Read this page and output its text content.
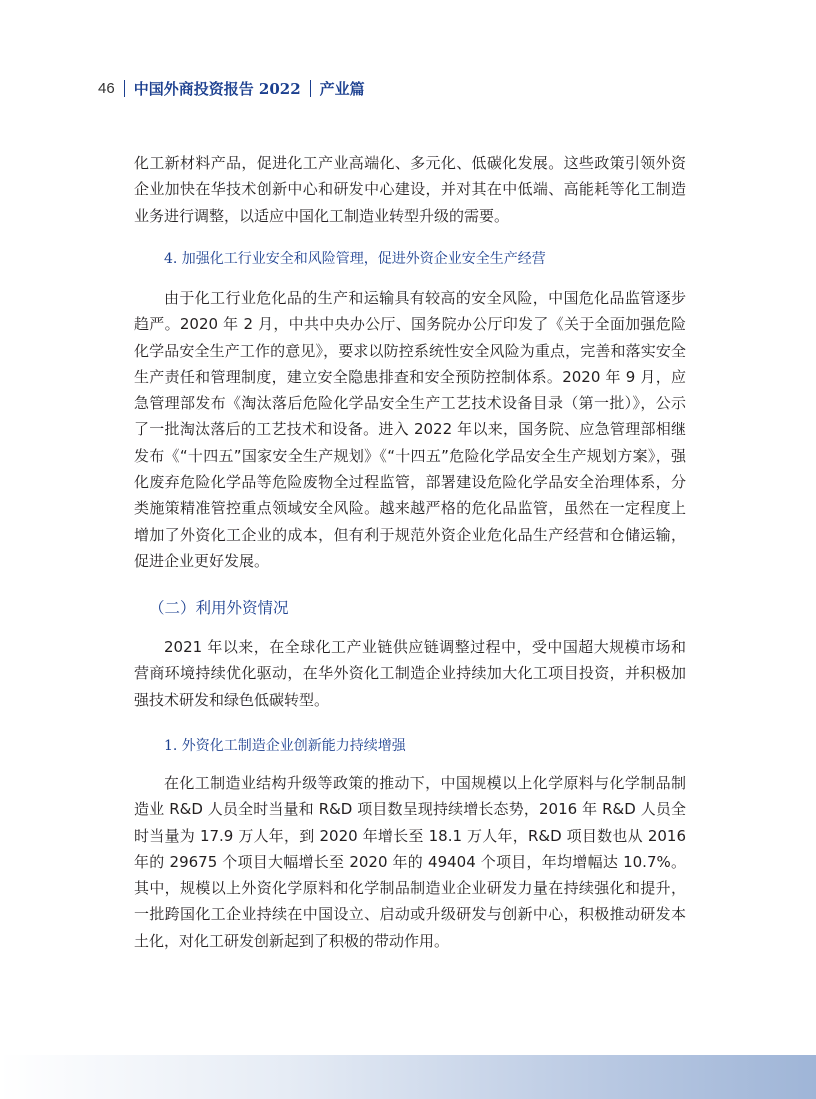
46 中国外商投资报告 2022 产业篇

化工新材料产品，促进化工产业高端化、多元化、低碳化发展。这些政策引领外资企业加快在华技术创新中心和研发中心建设，并对其在中低端、高能耗等化工制造业务进行调整，以适应中国化工制造业转型升级的需要。

4. 加强化工行业安全和风险管理，促进外资企业安全生产经营

由于化工行业危化品的生产和运输具有较高的安全风险，中国危化品监管逐步趋严。2020 年 2 月，中共中央办公厅、国务院办公厅印发了《关于全面加强危险化学品安全生产工作的意见》，要求以防控系统性安全风险为重点，完善和落实安全生产责任和管理制度，建立安全隐患排查和安全预防控制体系。2020 年 9 月，应急管理部发布《淘汰落后危险化学品安全生产工艺技术设备目录（第一批）》，公示了一批淘汰落后的工艺技术和设备。进入 2022 年以来，国务院、应急管理部相继发布《“十四五”国家安全生产规划》《“十四五”危险化学品安全生产规划方案》，强化废弃危险化学品等危险废物全过程监管，部署建设危险化学品安全治理体系，分类施策精准管控重点领域安全风险。越来越严格的危化品监管，虽然在一定程度上增加了外资化工企业的成本，但有利于规范外资企业危化品生产经营和仓储运输，促进企业更好发展。

（二）利用外资情况

2021 年以来，在全球化工产业链供应链调整过程中，受中国超大规模市场和营商环境持续优化驱动，在华外资化工制造企业持续加大化工项目投资，并积极加强技术研发和绿色低碳转型。

1. 外资化工制造企业创新能力持续增强

在化工制造业结构升级等政策的推动下，中国规模以上化学原料与化学制品制造业 R&D 人员全时当量和 R&D 项目数呈现持续增长态势，2016 年 R&D 人员全时当量为 17.9 万人年，到 2020 年增长至 18.1 万人年，R&D 项目数也从 2016 年的 29675 个项目大幅增长至 2020 年的 49404 个项目，年均增幅达 10.7%。其中，规模以上外资化学原料和化学制品制造业企业研发力量在持续强化和提升，一批跨国化工企业持续在中国设立、启动或升级研发与创新中心，积极推动研发本土化，对化工研发创新起到了积极的带动作用。
